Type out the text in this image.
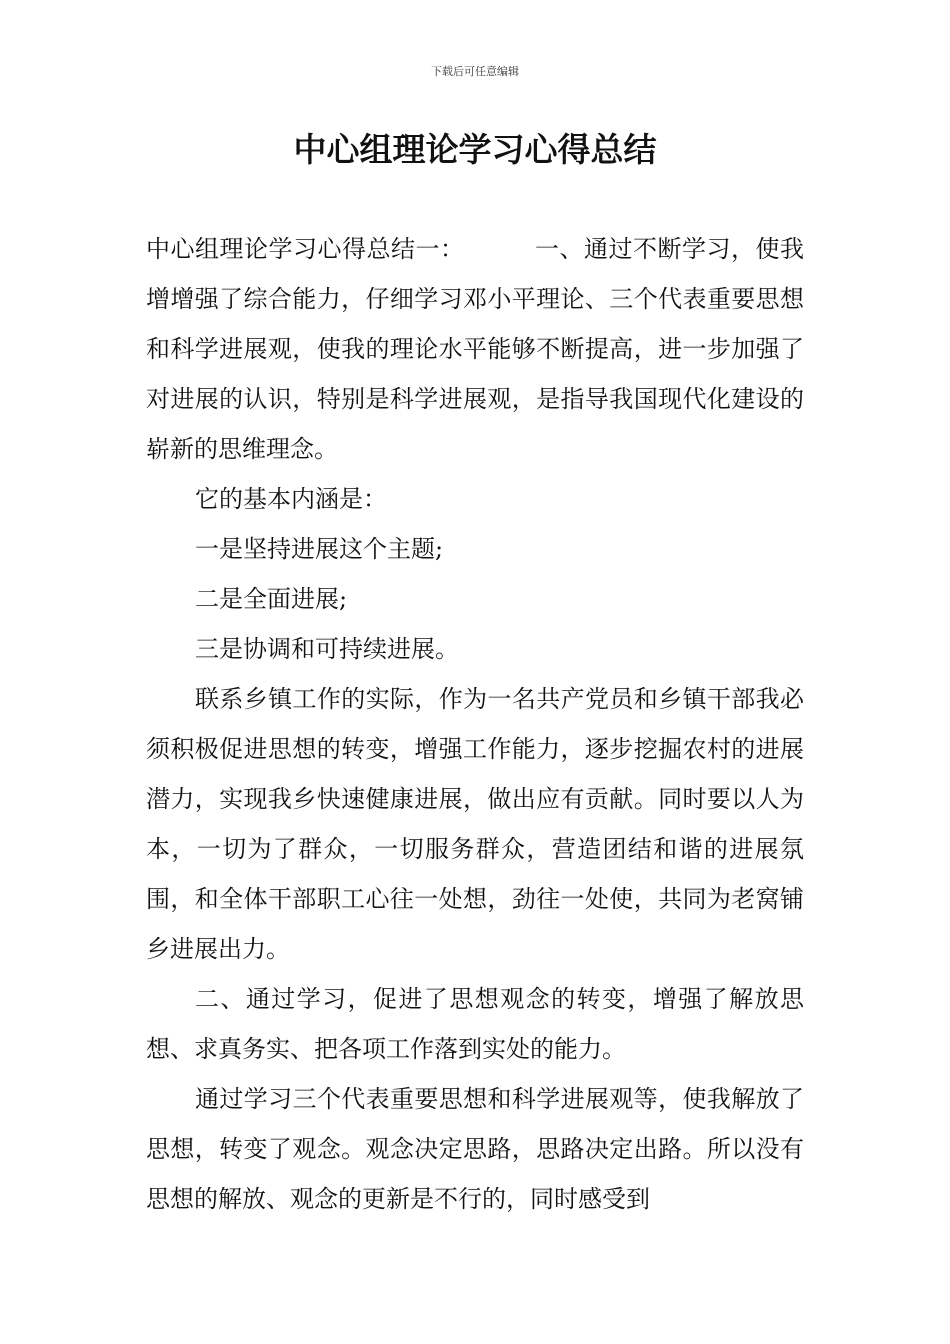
下载后可任意编辑
中心组理论学习心得总结

中心组理论学习心得总结一：	一、通过不断学习，使我增增强了综合能力，仔细学习邓小平理论、三个代表重要思想和科学进展观，使我的理论水平能够不断提高，进一步加强了对进展的认识，特别是科学进展观，是指导我国现代化建设的崭新的思维理念。

它的基本内涵是：

一是坚持进展这个主题;

二是全面进展;

三是协调和可持续进展。

联系乡镇工作的实际，作为一名共产党员和乡镇干部我必须积极促进思想的转变，增强工作能力，逐步挖掘农村的进展潜力，实现我乡快速健康进展，做出应有贡献。同时要以人为本，一切为了群众，一切服务群众，营造团结和谐的进展氛围，和全体干部职工心往一处想，劲往一处使，共同为老窝铺乡进展出力。

二、通过学习，促进了思想观念的转变，增强了解放思想、求真务实、把各项工作落到实处的能力。

通过学习三个代表重要思想和科学进展观等，使我解放了思想，转变了观念。观念决定思路，思路决定出路。所以没有思想的解放、观念的更新是不行的，同时感受到
